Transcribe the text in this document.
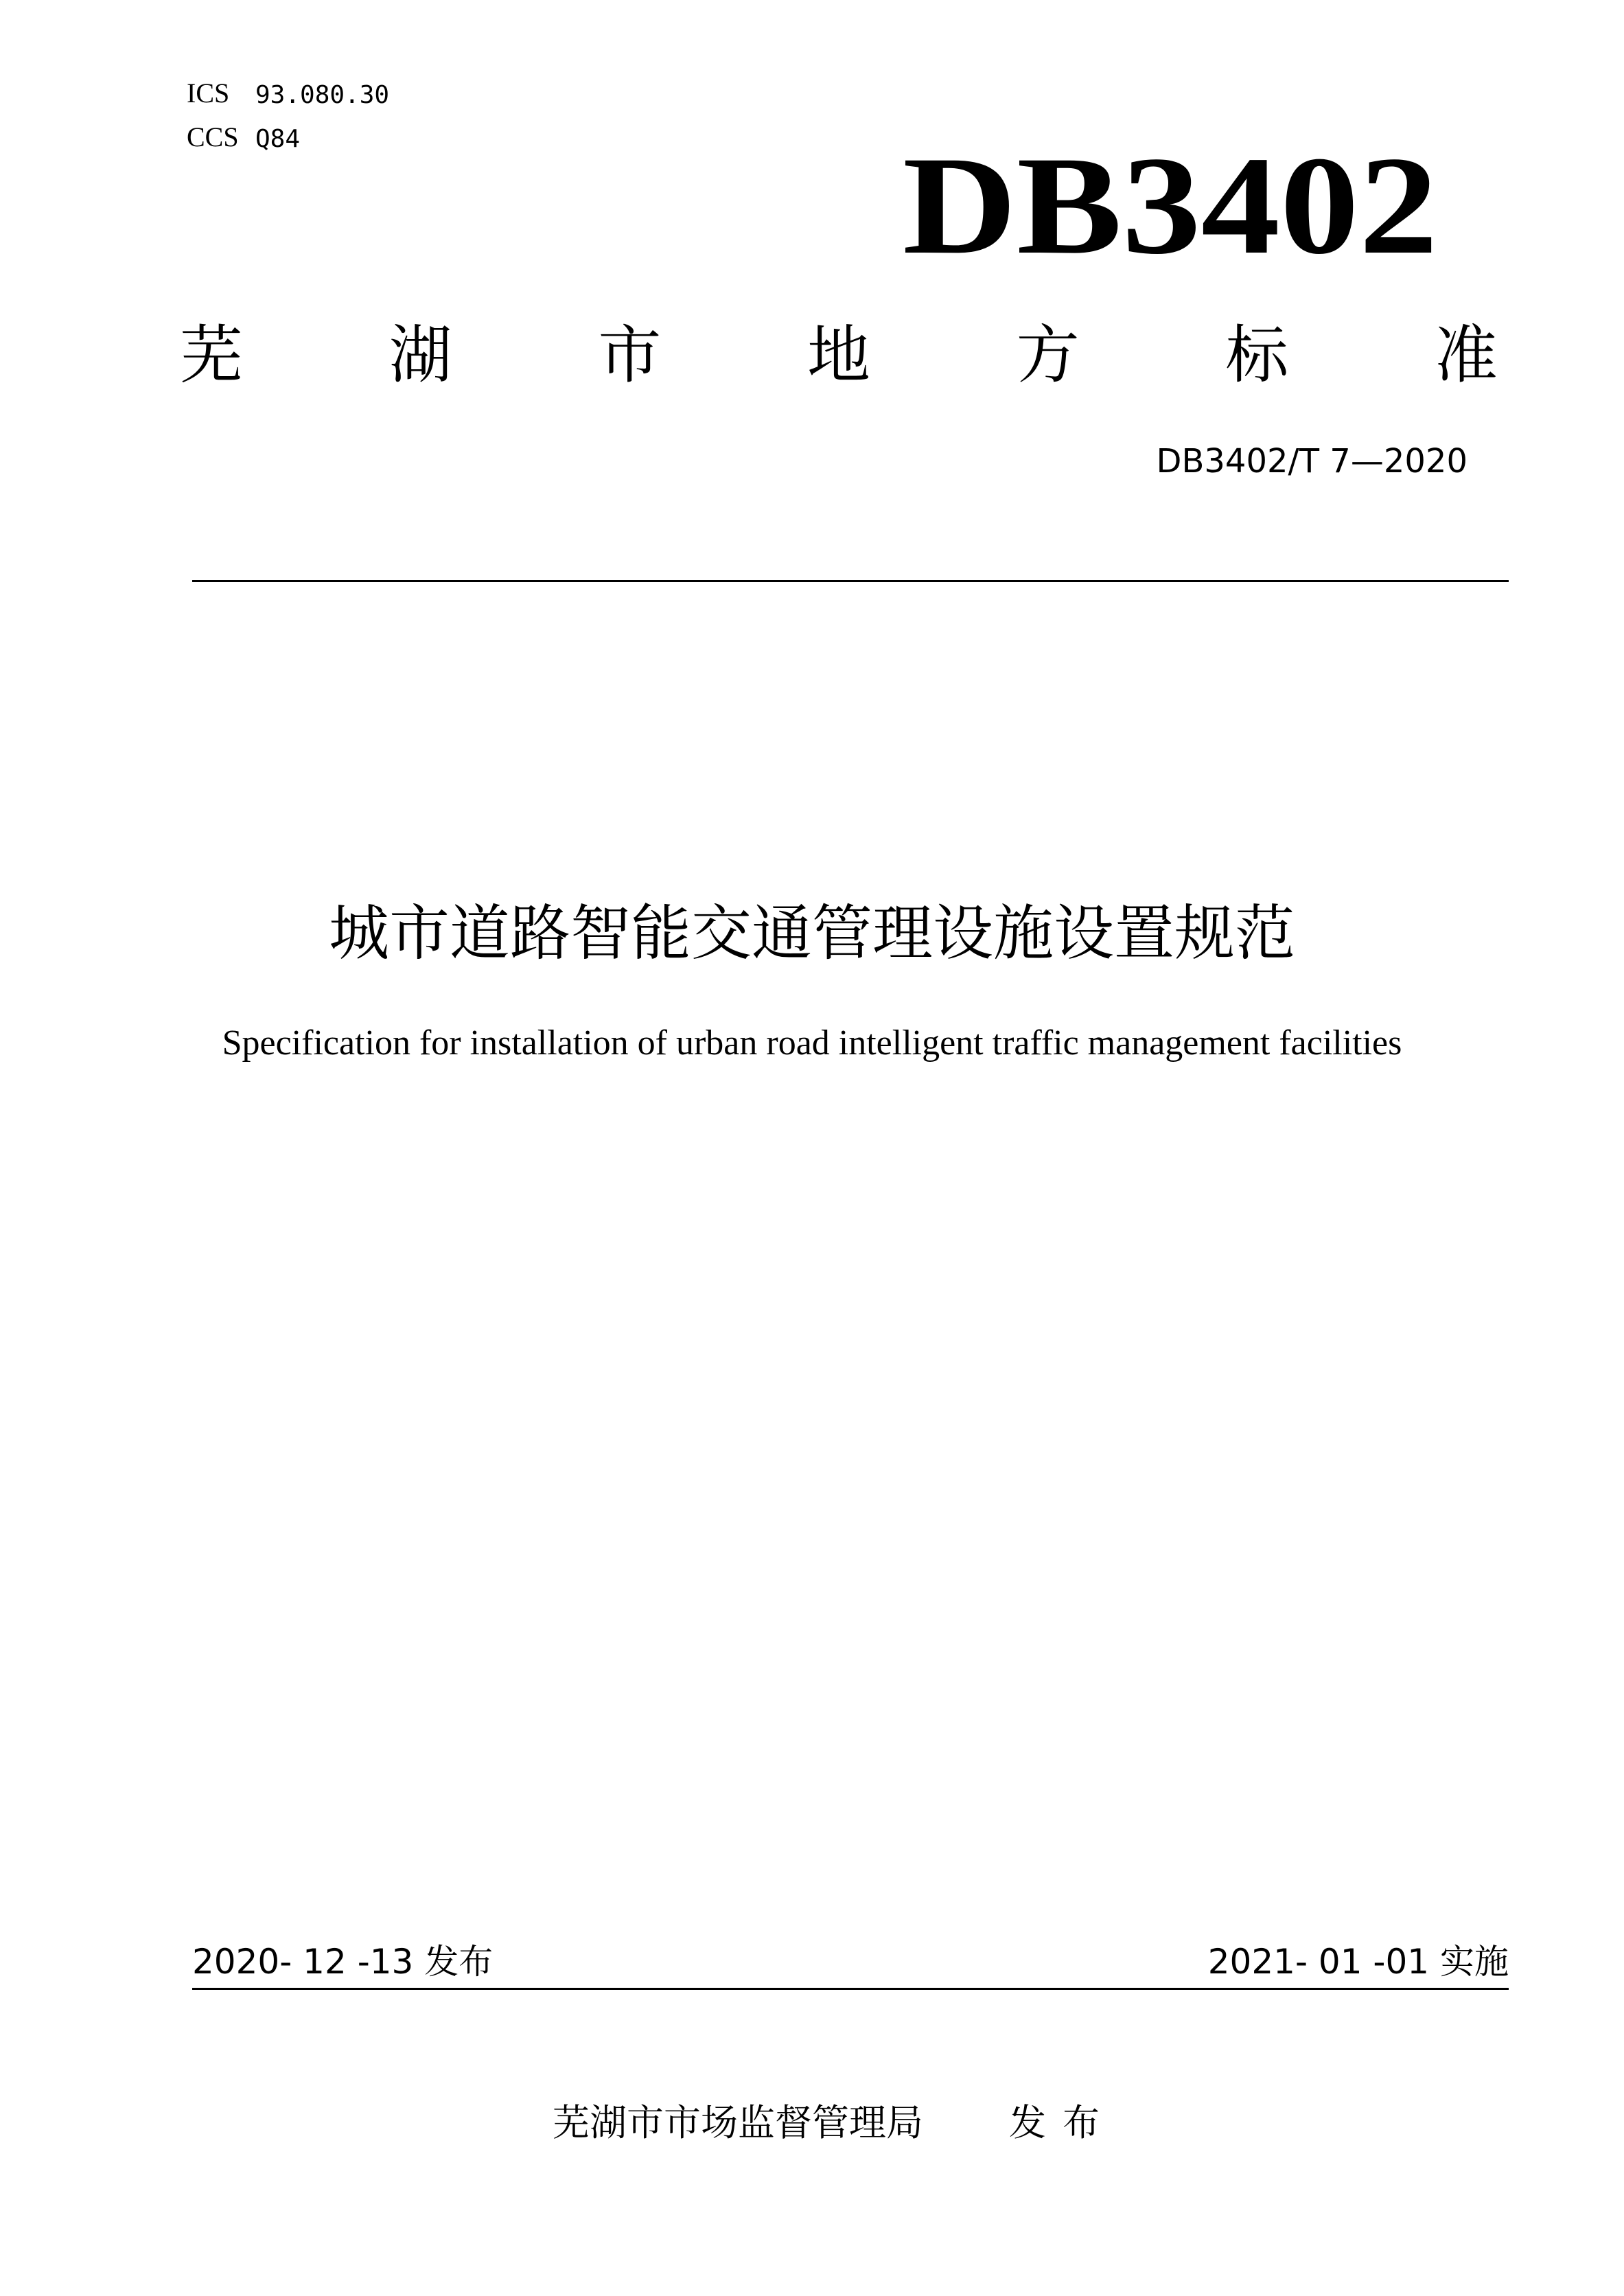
ICS 93.080.30
CCS Q84	DB3402
芜 湖 市 地 方 标 准
DB3402/T 7—2020
城市道路智能交通管理设施设置规范
Specification for installation of urban road intelligent traffic management facilities
2020- 12 -13 发布	2021- 01 -01 实施
芜湖市市场监督管理局 发布
